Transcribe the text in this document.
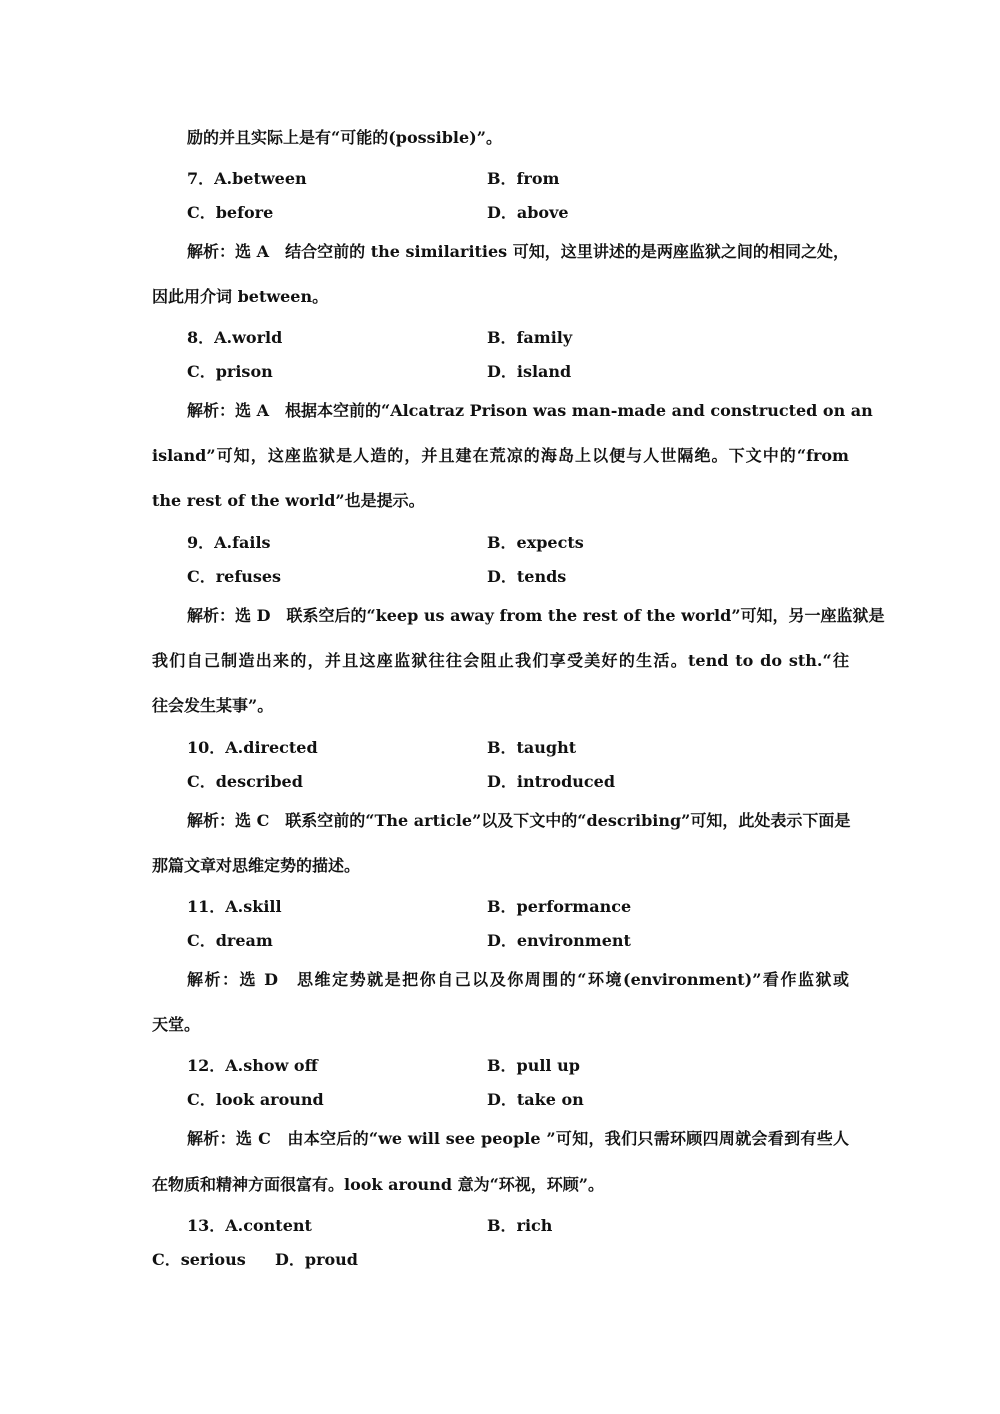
励的并且实际上是有“可能的(possible)”。
7．A.between	B．from
C．before	D．above
解析：选 A　结合空前的 the similarities 可知，这里讲述的是两座监狱之间的相同之处，
因此用介词 between。
8．A.world	B．family
C．prison	D．island
解析：选 A　根据本空前的“Alcatraz Prison was man-made and constructed on an
island”可知，这座监狱是人造的，并且建在荒凉的海岛上以便与人世隔绝。下文中的“from
the rest of the world”也是提示。
9．A.fails	B．expects
C．refuses	D．tends
解析：选 D　联系空后的“keep us away from the rest of the world”可知，另一座监狱是
我们自己制造出来的，并且这座监狱往往会阻止我们享受美好的生活。tend to do sth.“往
往会发生某事”。
10．A.directed	B．taught
C．described	D．introduced
解析：选 C　联系空前的“The article”以及下文中的“describing”可知，此处表示下面是
那篇文章对思维定势的描述。
11．A.skill	B．performance
C．dream	D．environment
解析：选 D　思维定势就是把你自己以及你周围的“环境(environment)”看作监狱或
天堂。
12．A.show off	B．pull up
C．look around	D．take on
解析：选 C　由本空后的“we will see people ”可知，我们只需环顾四周就会看到有些人
在物质和精神方面很富有。look around 意为“环视，环顾”。
13．A.content	B．rich
C．serious D．proud
